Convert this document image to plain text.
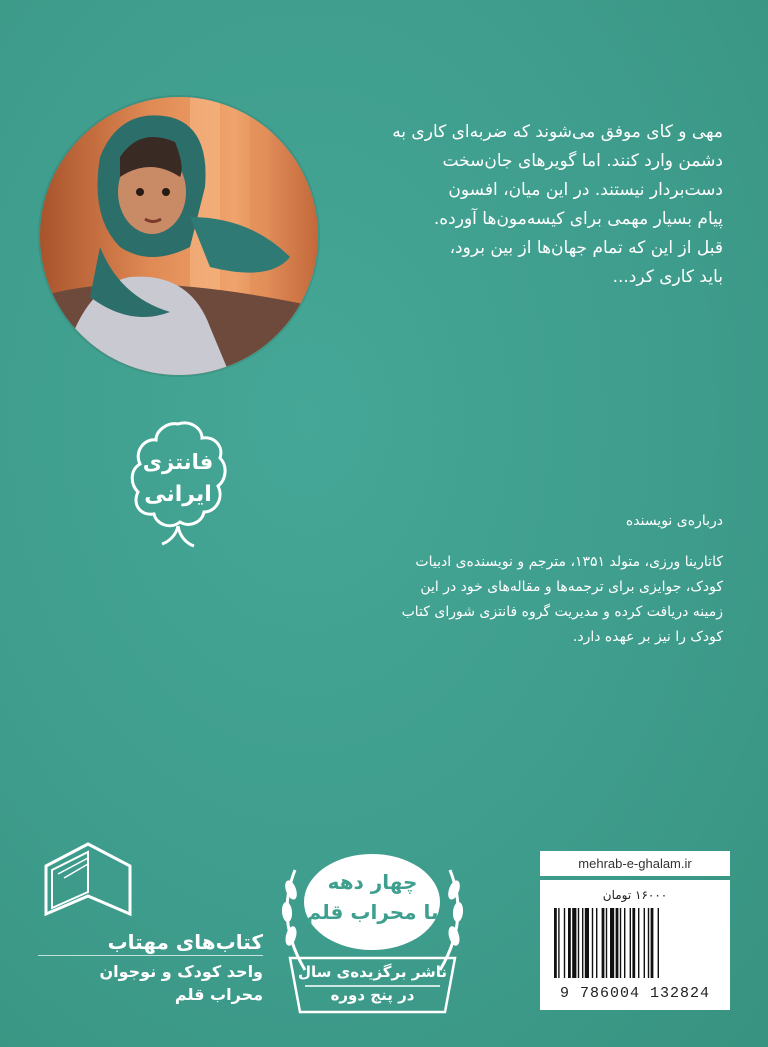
مهی و کای موفق می‌شوند که ضربه‌ای کاری به
دشمن وارد کنند. اما گویرهای جان‌سخت
دست‌بردار نیستند. در این میان، افسون
پیام بسیار مهمی برای کیسه‌مون‌ها آورده.
قبل از این که تمام جهان‌ها از بین برود،
باید کاری کرد...
فانتزی
ایرانی
درباره‌ی نویسنده
کاتارینا ورزی، متولد ۱۳۵۱، مترجم و نویسنده‌ی ادبیات
کودک، جوایزی برای ترجمه‌ها و مقاله‌های خود در این
زمینه دریافت کرده و مدیریت گروه فانتزی شورای کتاب
کودک را نیز بر عهده دارد.
کتاب‌های مهتاب
واحد کودک و نوجوان
محراب قلم
چهار دهه
با محراب قلم
ناشر برگزیده‌ی سال
در پنج دوره
mehrab-e-ghalam.ir
۱۶۰۰۰ تومان
9 786004 132824
